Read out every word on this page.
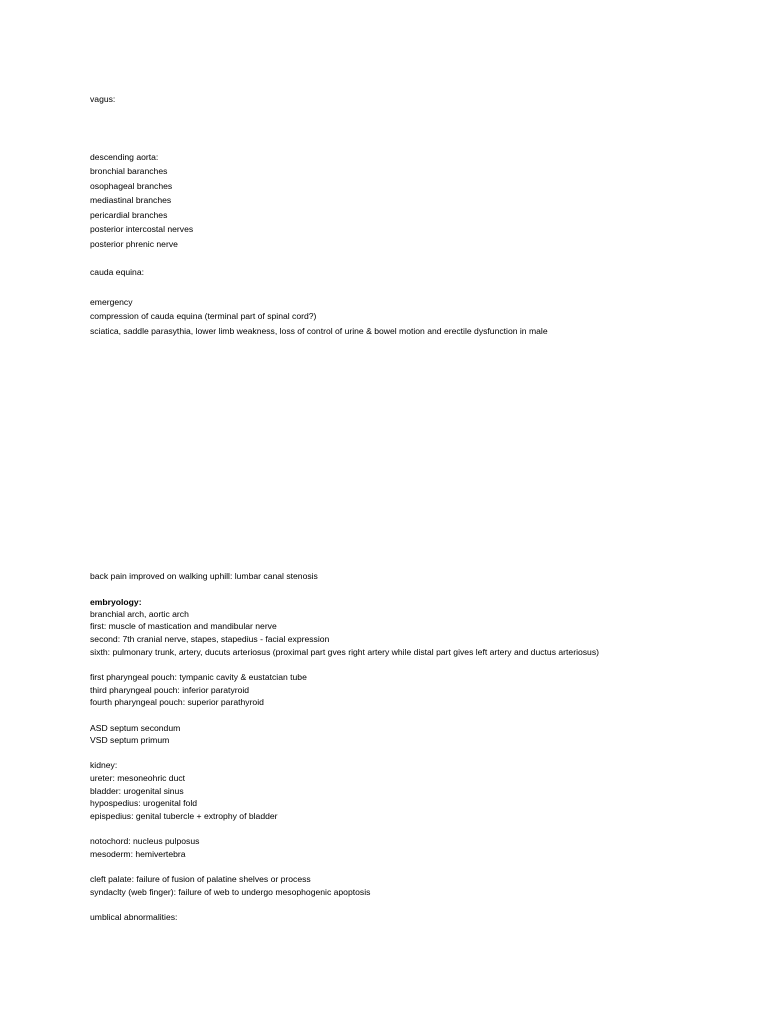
vagus:
descending aorta:
bronchial baranches
osophageal branches
mediastinal branches
pericardial branches
posterior intercostal nerves
posterior phrenic nerve
cauda equina:
emergency
compression of cauda equina (terminal part of spinal cord?)
sciatica, saddle parasythia, lower limb weakness, loss of control of urine & bowel motion and erectile dysfunction in male
back pain improved on walking uphill: lumbar canal stenosis
embryology:
branchial arch, aortic arch
first: muscle of mastication and mandibular nerve
second: 7th cranial nerve, stapes, stapedius - facial expression
sixth: pulmonary trunk, artery, ducuts arteriosus (proximal part gves right artery while distal part gives left artery and ductus arteriosus)
first pharyngeal pouch: tympanic cavity & eustatcian tube
third pharyngeal pouch: inferior paratyroid
fourth pharyngeal pouch: superior parathyroid
ASD septum secondum
VSD septum primum
kidney:
ureter: mesoneohric duct
bladder: urogenital sinus
hypospedius: urogenital fold
epispedius: genital tubercle + extrophy of bladder
notochord: nucleus pulposus
mesoderm: hemivertebra
cleft palate: failure of fusion of palatine shelves or process
syndaclty (web finger): failure of web to undergo mesophogenic apoptosis
umblical abnormalities:
